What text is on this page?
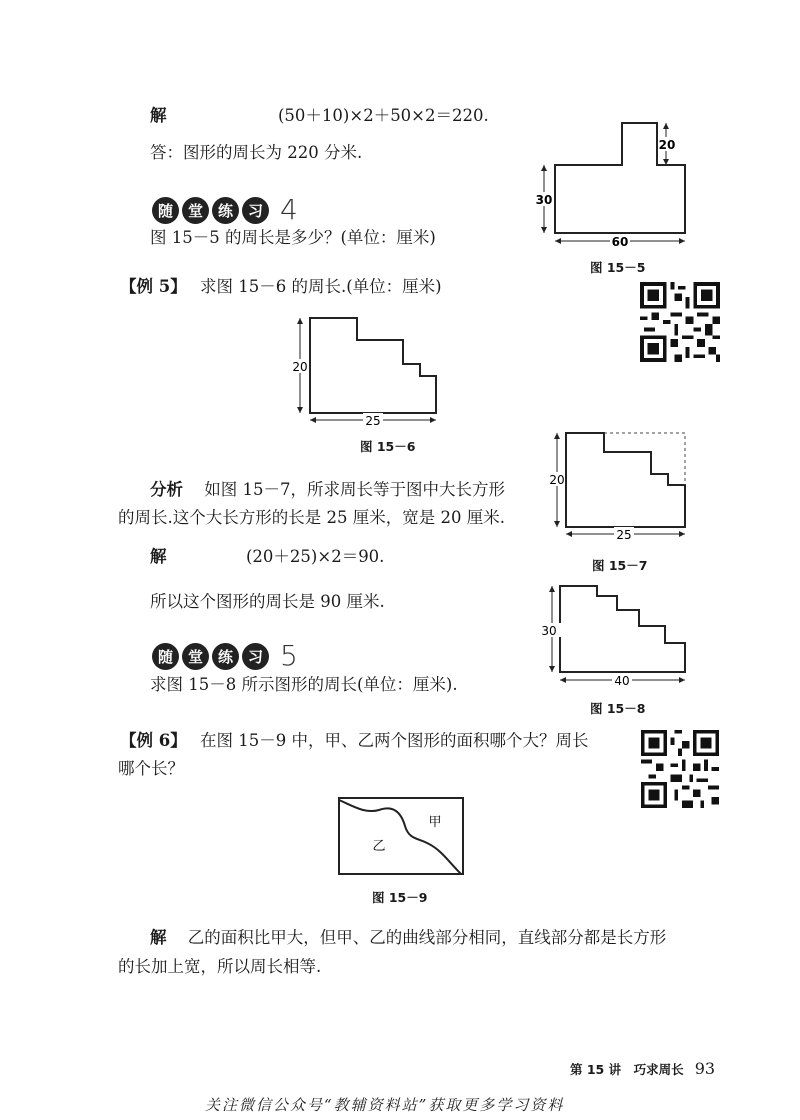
解	(50＋10)×2＋50×2＝220.
答：图形的周长为 220 分米.
随 堂 练 习 4
图 15－5 的周长是多少？(单位：厘米)
20
30
60
图 15－5
【例 5】 求图 15－6 的周长.(单位：厘米)
20
25
图 15－6
20
25
图 15－7
分析 如图 15－7，所求周长等于图中大长方形
的周长.这个大长方形的长是 25 厘米，宽是 20 厘米.
解	(20＋25)×2＝90.
所以这个图形的周长是 90 厘米.
30
40
图 15－8
随 堂 练 习 5
求图 15－8 所示图形的周长(单位：厘米).
【例 6】 在图 15－9 中，甲、乙两个图形的面积哪个大？周长
哪个长？
甲
乙
图 15－9
解 乙的面积比甲大，但甲、乙的曲线部分相同，直线部分都是长方形
的长加上宽，所以周长相等.
第 15 讲　巧求周长 93
关注微信公众号“教辅资料站”获取更多学习资料
